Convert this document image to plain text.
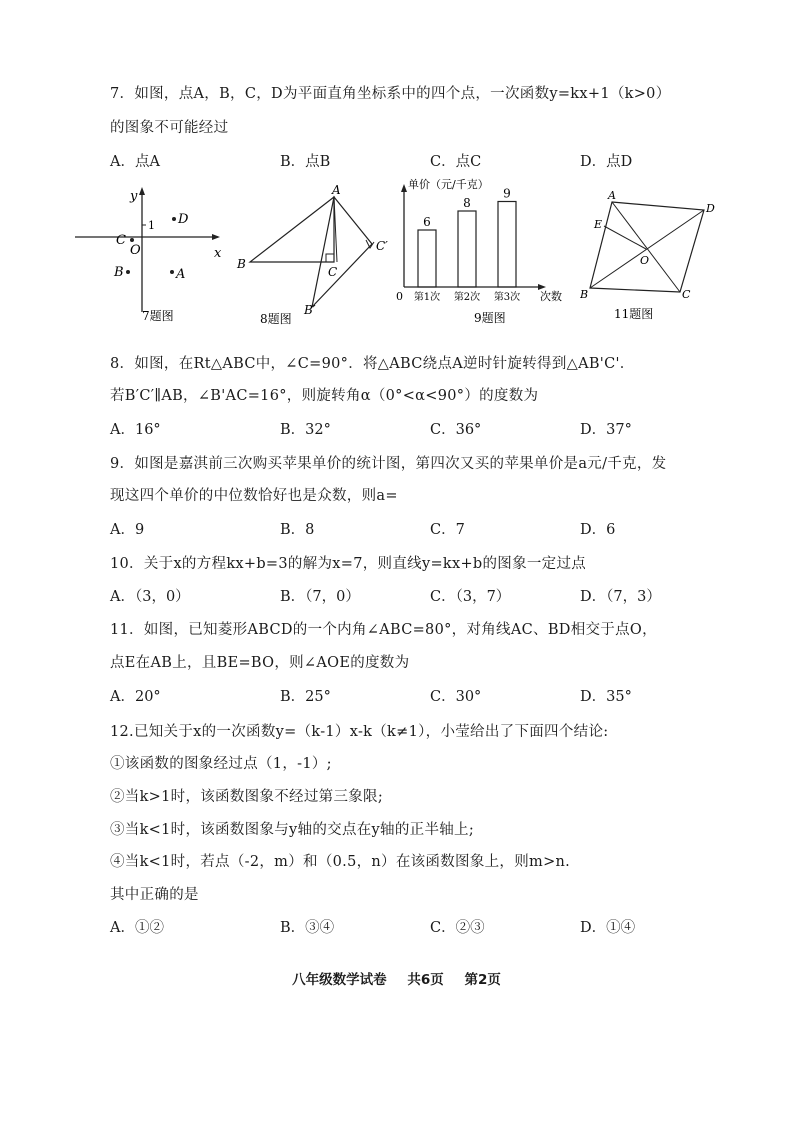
7．如图，点A，B，C，D为平面直角坐标系中的四个点，一次函数y=kx+1（k>0）
的图象不可能经过
A．点A	B．点B	C．点C	D．点D
y
x
O
1 D
C
B	A
7题图
A
B
C
C′
B′
8题图
单价（元/千克）
次数
0
6
第1次
8
第2次
9
第3次
9题图
A
E
B	C
D
O
11题图
8．如图，在Rt△ABC中，∠C=90°．将△ABC绕点A逆时针旋转得到△AB'C'．
若B′C′∥AB，∠B'AC=16°，则旋转角α（0°<α<90°）的度数为
A．16°	B．32°	C．36°	D．37°
9．如图是嘉淇前三次购买苹果单价的统计图，第四次又买的苹果单价是a元/千克，发
现这四个单价的中位数恰好也是众数，则a=
A．9	B．8	C．7	D．6
10．关于x的方程kx+b=3的解为x=7，则直线y=kx+b的图象一定过点
A．（3，0）	B．（7，0）	C．（3，7）	D．（7，3）
11．如图，已知菱形ABCD的一个内角∠ABC=80°，对角线AC、BD相交于点O，
点E在AB上，且BE=BO，则∠AOE的度数为
A．20°	B．25°	C．30°	D．35°
12.已知关于x的一次函数y=（k-1）x-k（k≠1），小莹给出了下面四个结论:
①该函数的图象经过点（1，-1）;
②当k>1时，该函数图象不经过第三象限;
③当k<1时，该函数图象与y轴的交点在y轴的正半轴上;
④当k<1时，若点（-2，m）和（0.5，n）在该函数图象上，则m>n.
其中正确的是
A．①②	B．③④	C．②③	D．①④
八年级数学试卷 共6页 第2页
